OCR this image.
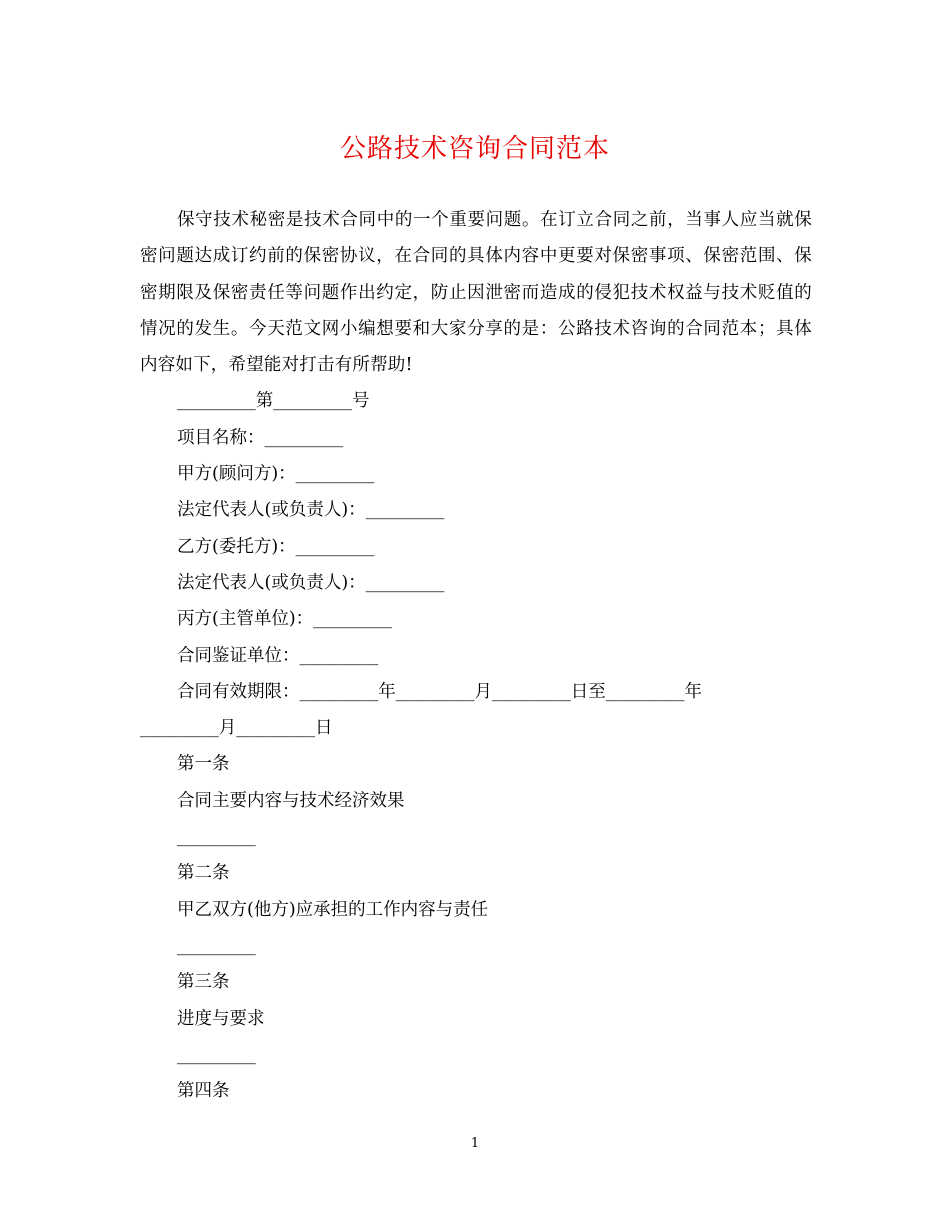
公路技术咨询合同范本

保守技术秘密是技术合同中的一个重要问题。在订立合同之前，当事人应当就保密问题达成订约前的保密协议，在合同的具体内容中更要对保密事项、保密范围、保密期限及保密责任等问题作出约定，防止因泄密而造成的侵犯技术权益与技术贬值的情况的发生。今天范文网小编想要和大家分享的是：公路技术咨询的合同范本；具体内容如下，希望能对打击有所帮助!

_________第_________号

项目名称：_________

甲方(顾问方)：_________

法定代表人(或负责人)：_________

乙方(委托方)：_________

法定代表人(或负责人)：_________

丙方(主管单位)：_________

合同鉴证单位：_________

合同有效期限：_________年_________月_________日至_________年

_________月_________日

第一条

合同主要内容与技术经济效果

_________

第二条

甲乙双方(他方)应承担的工作内容与责任

_________

第三条

进度与要求

_________

第四条

1
